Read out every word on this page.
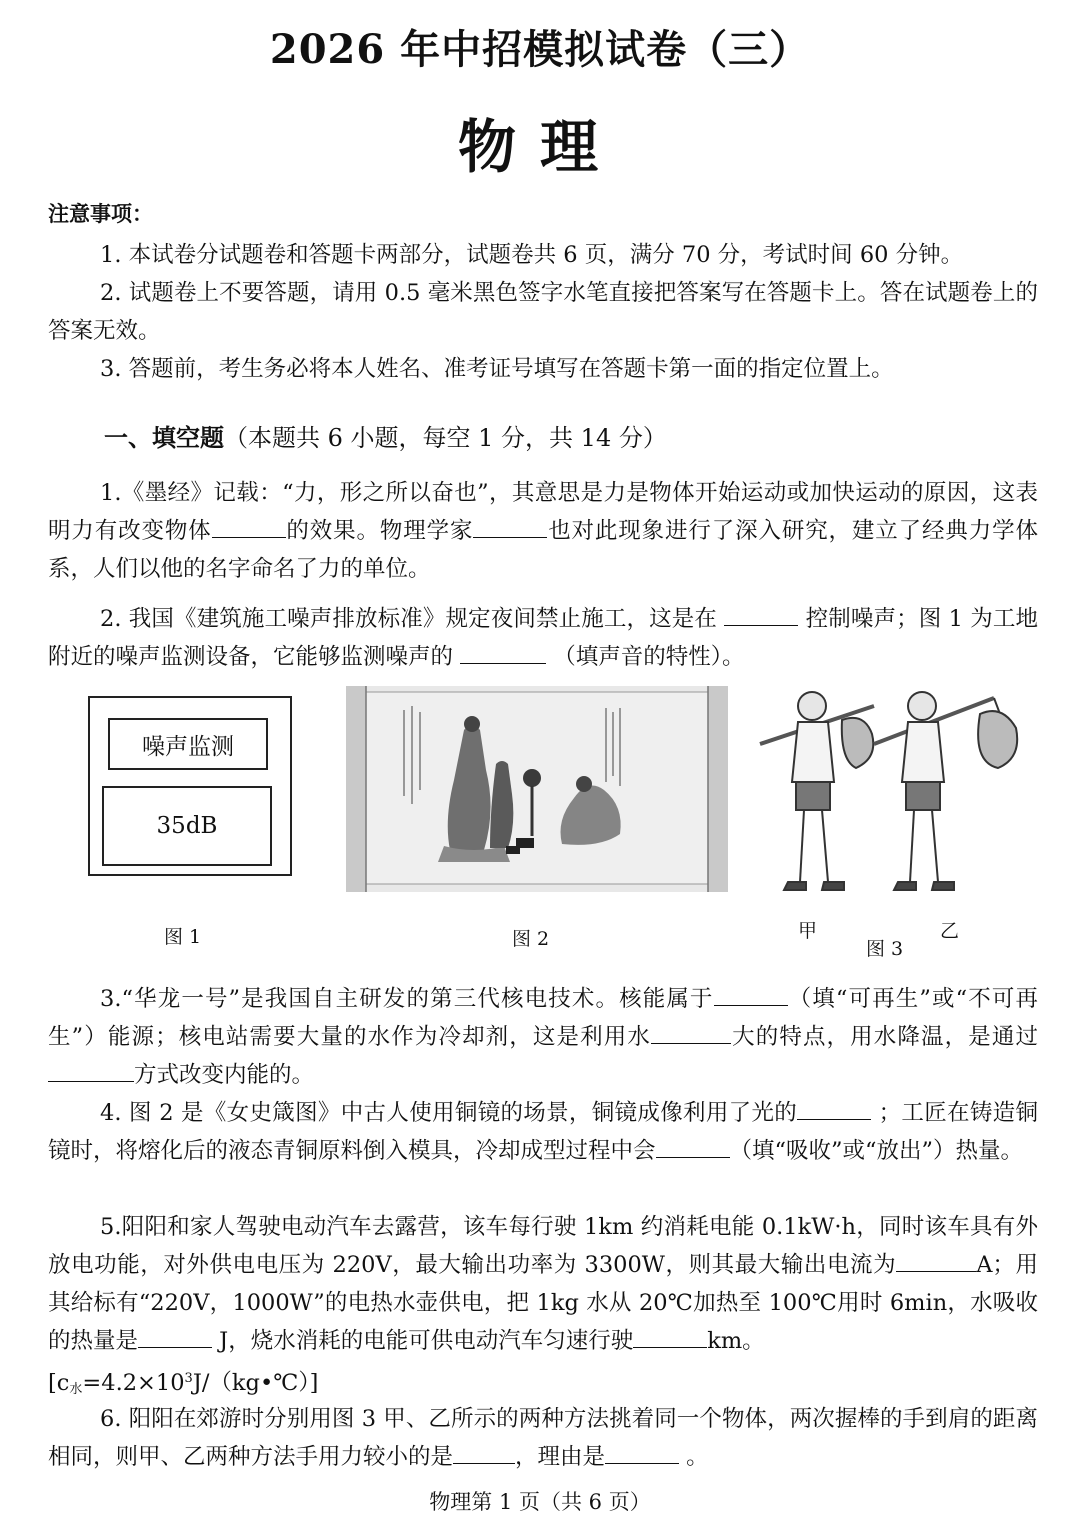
2026 年中招模拟试卷（三）
物理
注意事项：
1. 本试卷分试题卷和答题卡两部分，试题卷共 6 页，满分 70 分，考试时间 60 分钟。
2. 试题卷上不要答题，请用 0.5 毫米黑色签字水笔直接把答案写在答题卡上。答在试题卷上的答案无效。
3. 答题前，考生务必将本人姓名、准考证号填写在答题卡第一面的指定位置上。
一、填空题（本题共 6 小题，每空 1 分，共 14 分）
1.《墨经》记载：“力，形之所以奋也”，其意思是力是物体开始运动或加快运动的原因，这表明力有改变物体	的效果。物理学家	也对此现象进行了深入研究，建立了经典力学体系，人们以他的名字命名了力的单位。
2. 我国《建筑施工噪声排放标准》规定夜间禁止施工，这是在	控制噪声；图 1 为工地附近的噪声监测设备，它能够监测噪声的	（填声音的特性）。
噪声监测
35dB
图 1	图 2	甲	乙
图 3
3.“华龙一号”是我国自主研发的第三代核电技术。核能属于	（填“可再生”或“不可再生”）能源；核电站需要大量的水作为冷却剂，这是利用水	大的特点，用水降温，是通过方式改变内能的。
4. 图 2 是《女史箴图》中古人使用铜镜的场景，铜镜成像利用了光的	；工匠在铸造铜镜时，将熔化后的液态青铜原料倒入模具，冷却成型过程中会	（填“吸收”或“放出”）热量。
5.阳阳和家人驾驶电动汽车去露营，该车每行驶 1km 约消耗电能 0.1kW·h，同时该车具有外放电功能，对外供电电压为 220V，最大输出功率为 3300W，则其最大输出电流为	A；用其给标有“220V，1000W”的电热水壶供电，把 1kg 水从 20℃加热至 100℃用时 6min，水吸收的热量是	J，烧水消耗的电能可供电动汽车匀速行驶	km。
$[c_水=4.2\times 10^3J/(kg•℃)]$
6. 阳阳在郊游时分别用图 3 甲、乙所示的两种方法挑着同一个物体，两次握棒的手到肩的距离相同，则甲、乙两种方法手用力较小的是	，理由是	。
物理第 1 页（共 6 页）
